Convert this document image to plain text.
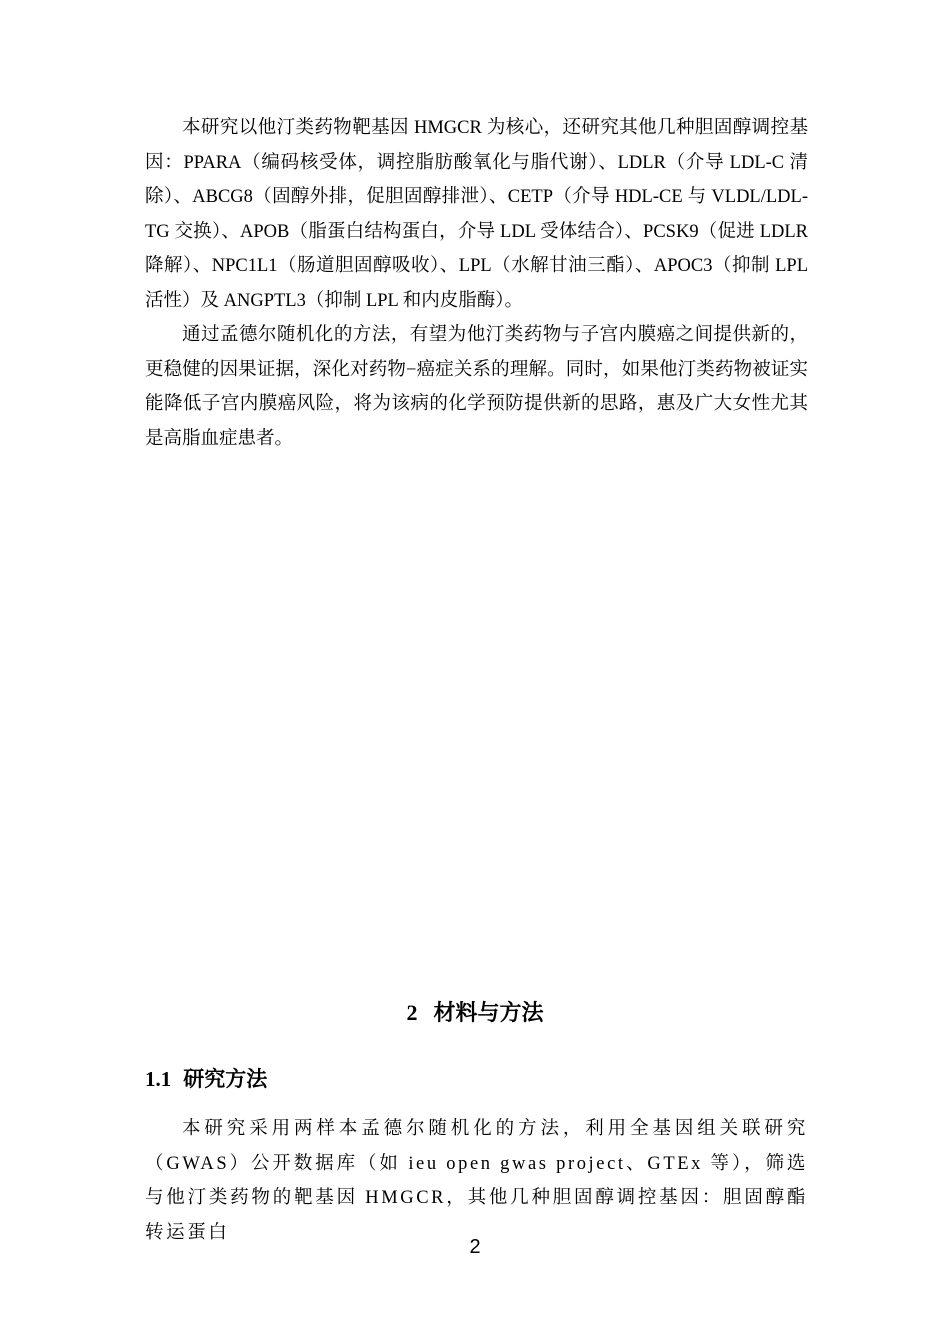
本研究以他汀类药物靶基因 HMGCR 为核心，还研究其他几种胆固醇调控基因：PPARA（编码核受体，调控脂肪酸氧化与脂代谢）、LDLR（介导 LDL-C 清除）、ABCG8（固醇外排，促胆固醇排泄）、CETP（介导 HDL-CE 与 VLDL/LDL-TG 交换）、APOB（脂蛋白结构蛋白，介导 LDL 受体结合）、PCSK9（促进 LDLR 降解）、NPC1L1（肠道胆固醇吸收）、LPL（水解甘油三酯）、APOC3（抑制 LPL 活性）及 ANGPTL3（抑制 LPL 和内皮脂酶）。

通过孟德尔随机化的方法，有望为他汀类药物与子宫内膜癌之间提供新的，更稳健的因果证据，深化对药物−癌症关系的理解。同时，如果他汀类药物被证实能降低子宫内膜癌风险，将为该病的化学预防提供新的思路，惠及广大女性尤其是高脂血症患者。

2 材料与方法
1.1 研究方法

本研究采用两样本孟德尔随机化的方法，利用全基因组关联研究（GWAS）公开数据库（如 ieu open gwas project、GTEx 等），筛选与他汀类药物的靶基因 HMGCR，其他几种胆固醇调控基因：胆固醇酯转运蛋白

2
